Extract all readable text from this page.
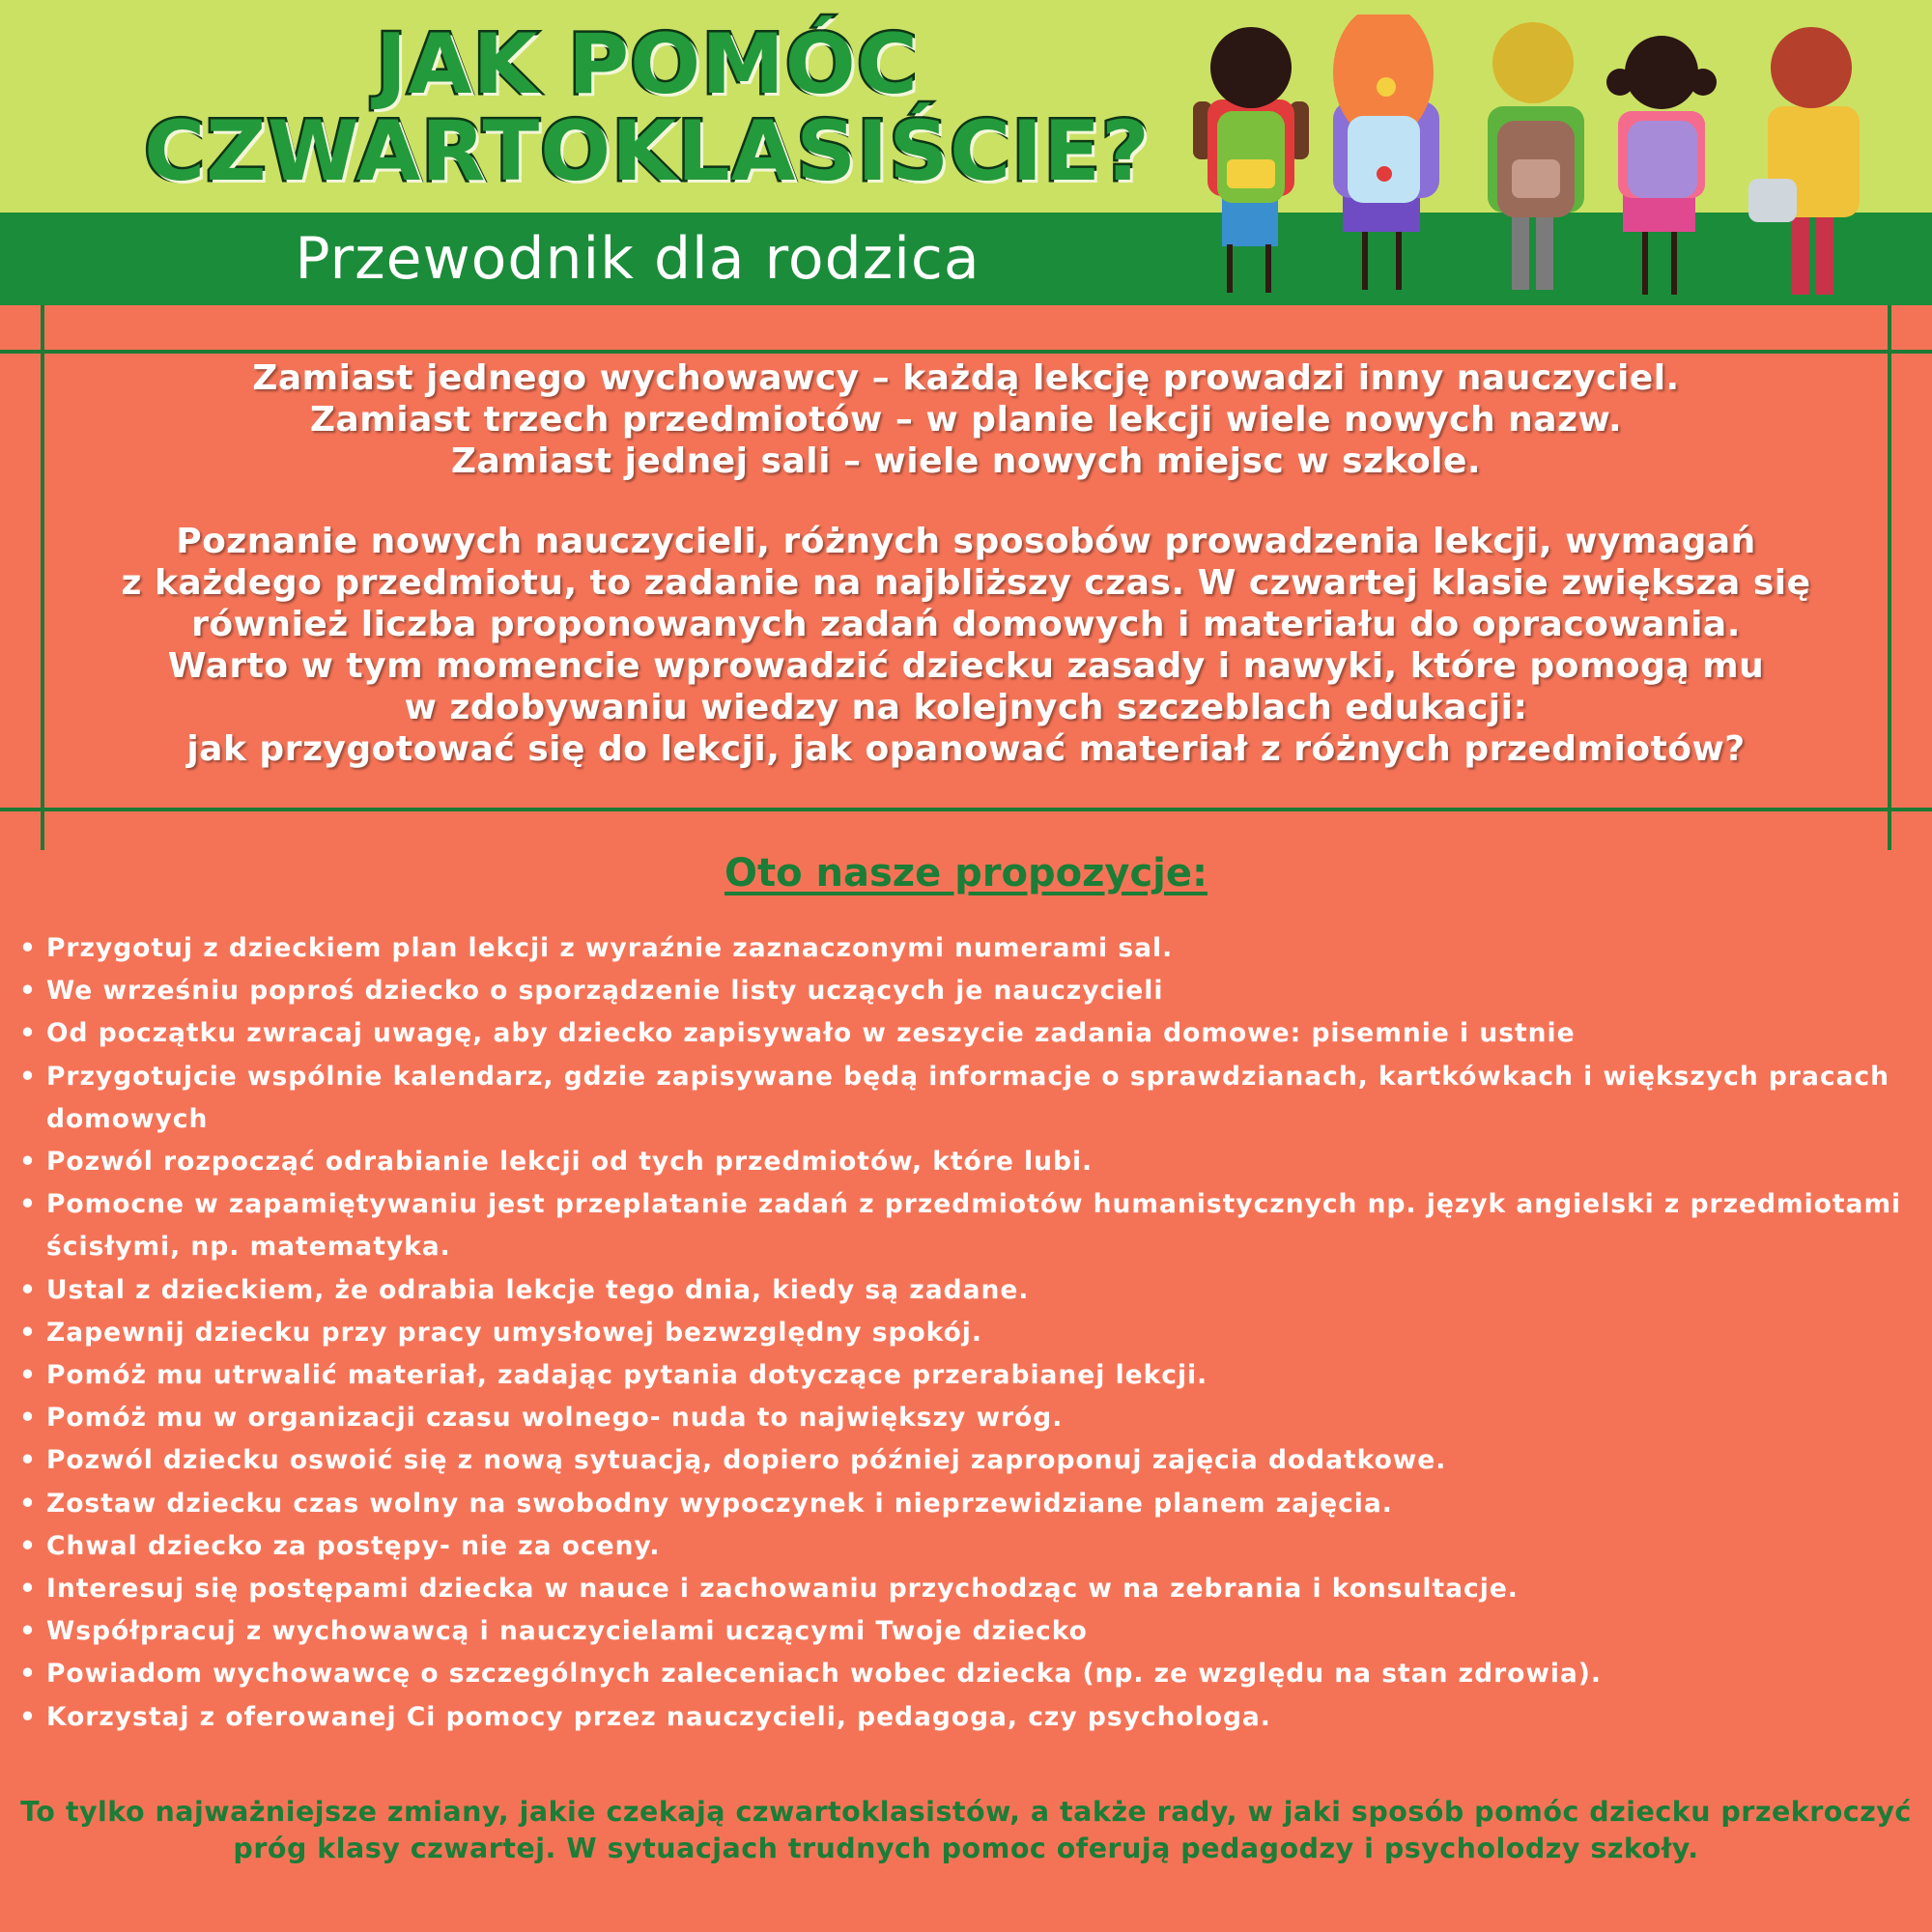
JAK POMÓC
CZWARTOKLASIŚCIE?
Przewodnik dla rodzica

Zamiast jednego wychowawcy – każdą lekcję prowadzi inny nauczyciel.

Zamiast trzech przedmiotów – w planie lekcji wiele nowych nazw.

Zamiast jednej sali – wiele nowych miejsc w szkole.

Poznanie nowych nauczycieli, różnych sposobów prowadzenia lekcji, wymagań

z każdego przedmiotu, to zadanie na najbliższy czas. W czwartej klasie zwiększa się

również liczba proponowanych zadań domowych i materiału do opracowania.

Warto w tym momencie wprowadzić dziecku zasady i nawyki, które pomogą mu

w zdobywaniu wiedzy na kolejnych szczeblach edukacji:

jak przygotować się do lekcji, jak opanować materiał z różnych przedmiotów?

Oto nasze propozycje:
• Przygotuj z dzieckiem plan lekcji z wyraźnie zaznaczonymi numerami sal.
• We wrześniu poproś dziecko o sporządzenie listy uczących je nauczycieli
• Od początku zwracaj uwagę, aby dziecko zapisywało w zeszycie zadania domowe: pisemnie i ustnie
• Przygotujcie wspólnie kalendarz, gdzie zapisywane będą informacje o sprawdzianach, kartkówkach i większych pracach domowych
• Pozwól rozpocząć odrabianie lekcji od tych przedmiotów, które lubi.
• Pomocne w zapamiętywaniu jest przeplatanie zadań z przedmiotów humanistycznych np. język angielski z przedmiotami ścisłymi, np. matematyka.
• Ustal z dzieckiem, że odrabia lekcje tego dnia, kiedy są zadane.
• Zapewnij dziecku przy pracy umysłowej bezwzględny spokój.
• Pomóż mu utrwalić materiał, zadając pytania dotyczące przerabianej lekcji.
• Pomóż mu w organizacji czasu wolnego- nuda to największy wróg.
• Pozwól dziecku oswoić się z nową sytuacją, dopiero później zaproponuj zajęcia dodatkowe.
• Zostaw dziecku czas wolny na swobodny wypoczynek i nieprzewidziane planem zajęcia.
• Chwal dziecko za postępy- nie za oceny.
• Interesuj się postępami dziecka w nauce i zachowaniu przychodząc w na zebrania i konsultacje.
• Współpracuj z wychowawcą i nauczycielami uczącymi Twoje dziecko
• Powiadom wychowawcę o szczególnych zaleceniach wobec dziecka (np. ze względu na stan zdrowia).
• Korzystaj z oferowanej Ci pomocy przez nauczycieli, pedagoga, czy psychologa.
To tylko najważniejsze zmiany, jakie czekają czwartoklasistów, a także rady, w jaki sposób pomóc dziecku przekroczyć próg klasy czwartej. W sytuacjach trudnych pomoc oferują pedagodzy i psycholodzy szkoły.
